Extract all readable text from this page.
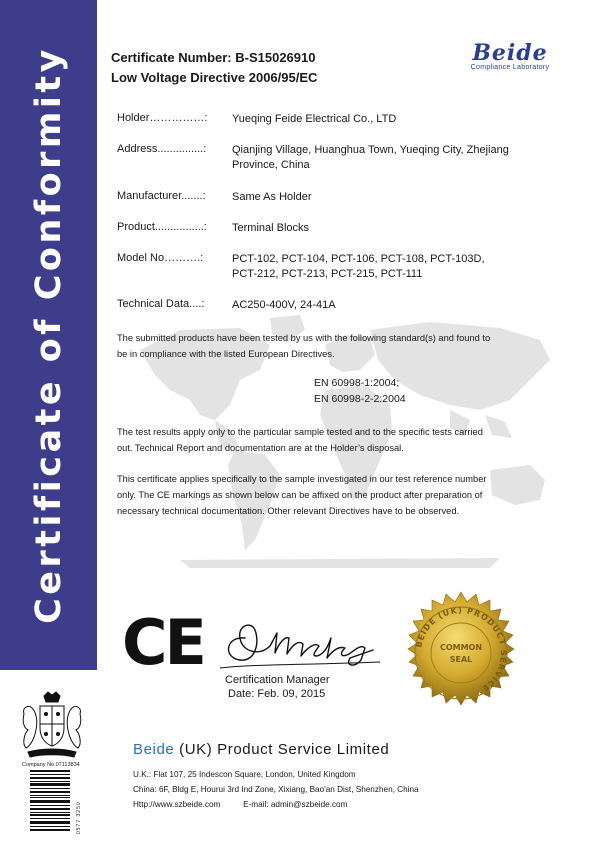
Certificate of Conformity	Certificate Number: B-S15026910
Low Voltage Directive 2006/95/EC
Beide
Compliance Laboratory
Holder……………: Yueqing Feide Electrical Co., LTD
Address...............: Qianjing Village, Huanghua Town, Yueqing City, Zhejiang
Province, China
Manufacturer.......: Same As Holder
Product................: Terminal Blocks
Model No……….:	PCT-102, PCT-104, PCT-106, PCT-108, PCT-103D,
PCT-212, PCT-213, PCT-215, PCT-111
Technical Data....:	AC250-400V, 24-41A
The submitted products have been tested by us with the following standard(s) and found to
be in compliance with the listed European Directives.
EN 60998-1:2004;
EN 60998-2-2:2004
The test results apply only to the particular sample tested and to the specific tests carried
out. Technical Report and documentation are at the Holder’s disposal.
This certificate applies specifically to the sample investigated in our test reference number
only. The CE markings as shown below can be affixed on the product after preparation of
necessary technical documentation. Other relevant Directives have to be observed.
CE
Certification Manager
Date: Feb. 09, 2015
BEIDE (UK) PRODUCT SERVICE
COMMON
SEAL
Company No.07113834
0577 3250
Beide (UK) Product Service Limited
U.K.: Flat 107, 25 Indescon Square, London, United Kingdom
China: 6F, Bldg E, Hourui 3rd Ind Zone, Xixiang, Bao'an Dist, Shenzhen, China
Http://www.szbeide.com          E-mail: admin@szbeide.com
